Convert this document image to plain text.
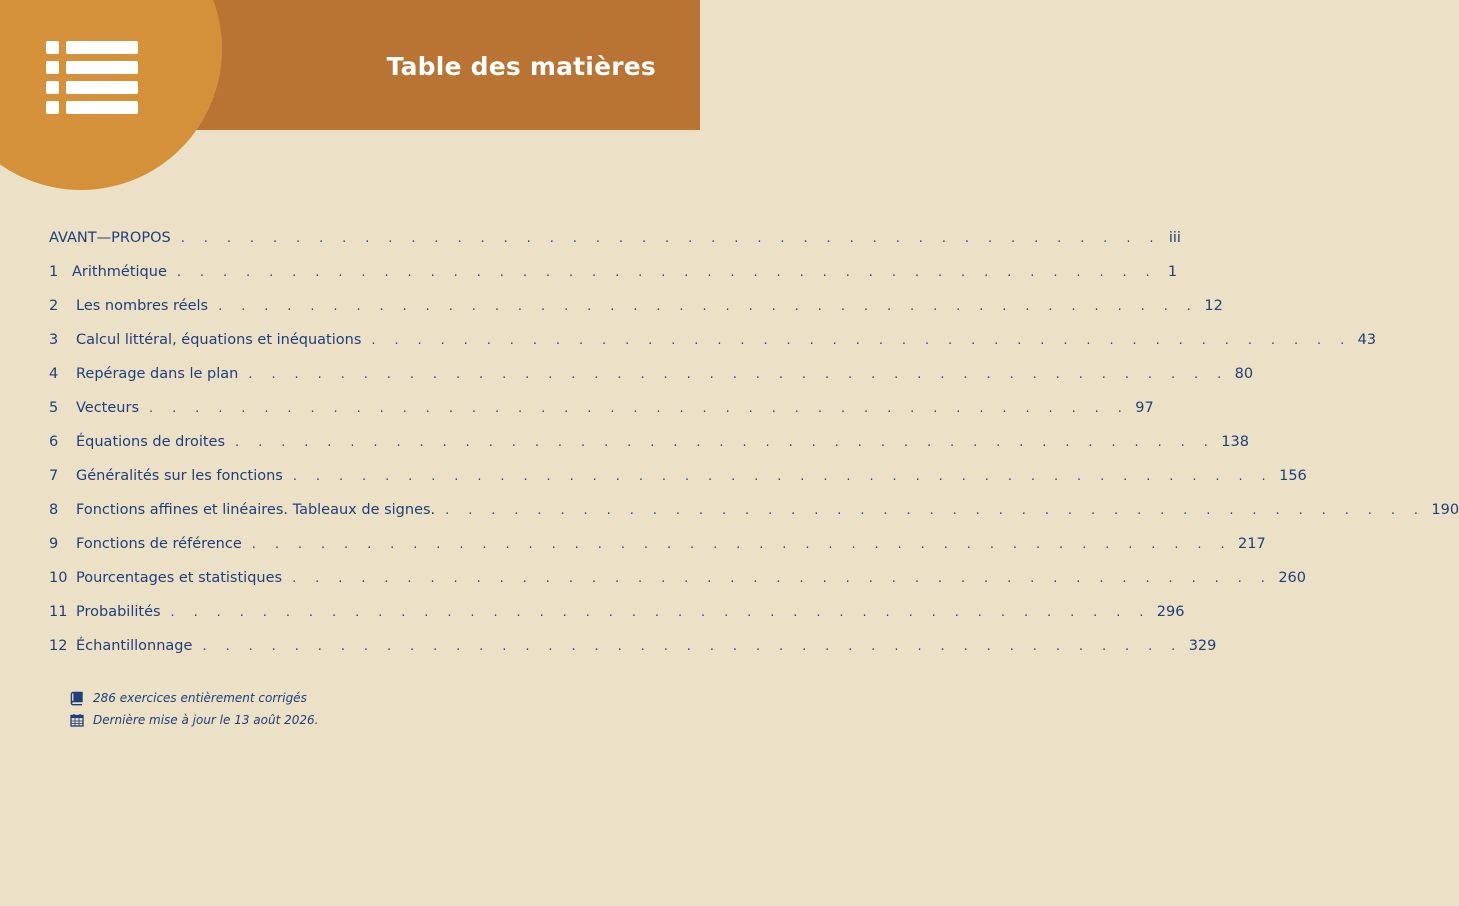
Table des matières
AVANT—PROPOS . . . . . . . . . . . . . . . . . . . . . . . . . . . . . . . . . . . . . . . . . . . iii
1 Arithmétique . . . . . . . . . . . . . . . . . . . . . . . . . . . . . . . . . . . . . . . . . . . 1
2	Les nombres réels . . . . . . . . . . . . . . . . . . . . . . . . . . . . . . . . . . . . . . . . . . . 12
3	Calcul littéral, équations et inéquations . . . . . . . . . . . . . . . . . . . . . . . . . . . . . . . . . . . . . . . . . . . 43
4	Repérage dans le plan . . . . . . . . . . . . . . . . . . . . . . . . . . . . . . . . . . . . . . . . . . . 80
5	Vecteurs . . . . . . . . . . . . . . . . . . . . . . . . . . . . . . . . . . . . . . . . . . . 97
6	Équations de droites . . . . . . . . . . . . . . . . . . . . . . . . . . . . . . . . . . . . . . . . . . . 138
7	Généralités sur les fonctions . . . . . . . . . . . . . . . . . . . . . . . . . . . . . . . . . . . . . . . . . . . 156
8	Fonctions affines et linéaires. Tableaux de signes. . . . . . . . . . . . . . . . . . . . . . . . . . . . . . . . . . . . . . . . . . . . 190
9	Fonctions de référence . . . . . . . . . . . . . . . . . . . . . . . . . . . . . . . . . . . . . . . . . . . 217
10 Pourcentages et statistiques . . . . . . . . . . . . . . . . . . . . . . . . . . . . . . . . . . . . . . . . . . . 260
11 Probabilités . . . . . . . . . . . . . . . . . . . . . . . . . . . . . . . . . . . . . . . . . . . 296
12 Échantillonnage . . . . . . . . . . . . . . . . . . . . . . . . . . . . . . . . . . . . . . . . . . . 329
286 exercices entièrement corrigés
Dernière mise à jour le 13 août 2026.
